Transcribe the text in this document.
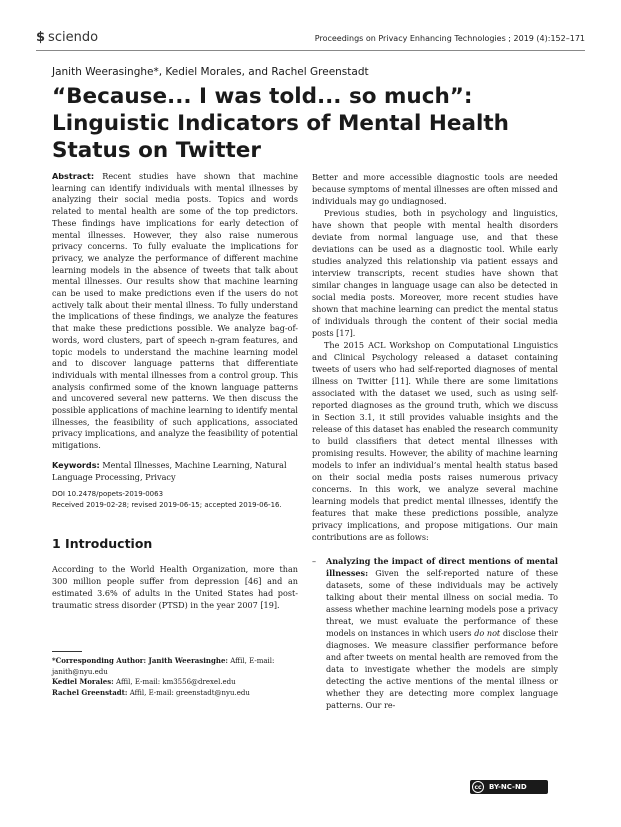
$ sciendo	Proceedings on Privacy Enhancing Technologies ; 2019 (4):152–171
Janith Weerasinghe*, Kediel Morales, and Rachel Greenstadt
“Because... I was told... so much”: Linguistic Indicators of Mental Health Status on Twitter

Abstract: Recent studies have shown that machine learning can identify individuals with mental illnesses by analyzing their social media posts. Topics and words related to mental health are some of the top predictors. These findings have implications for early detection of mental illnesses. However, they also raise numerous privacy concerns. To fully evaluate the implications for privacy, we analyze the performance of different machine learning models in the absence of tweets that talk about mental illnesses. Our results show that machine learning can be used to make predictions even if the users do not actively talk about their mental illness. To fully understand the implications of these findings, we analyze the features that make these predictions possible. We analyze bag-of-words, word clusters, part of speech n-gram features, and topic models to understand the machine learning model and to discover language patterns that differentiate individuals with mental illnesses from a control group. This analysis confirmed some of the known language patterns and uncovered several new patterns. We then discuss the possible applications of machine learning to identify mental illnesses, the feasibility of such applications, associated privacy implications, and analyze the feasibility of potential mitigations.

Keywords: Mental Illnesses, Machine Learning, Natural Language Processing, Privacy

DOI 10.2478/popets-2019-0063
Received 2019-02-28; revised 2019-06-15; accepted 2019-06-16.
1 Introduction

According to the World Health Organization, more than 300 million people suffer from depression [46] and an estimated 3.6% of adults in the United States had post-traumatic stress disorder (PTSD) in the year 2007 [19].

*Corresponding Author: Janith Weerasinghe: Affil, E-mail: janith@nyu.edu
Kediel Morales: Affil, E-mail: km3556@drexel.edu
Rachel Greenstadt: Affil, E-mail: greenstadt@nyu.edu

Better and more accessible diagnostic tools are needed because symptoms of mental illnesses are often missed and individuals may go undiagnosed.

Previous studies, both in psychology and linguistics, have shown that people with mental health disorders deviate from normal language use, and that these deviations can be used as a diagnostic tool. While early studies analyzed this relationship via patient essays and interview transcripts, recent studies have shown that similar changes in language usage can also be detected in social media posts. Moreover, more recent studies have shown that machine learning can predict the mental status of individuals through the content of their social media posts [17].

The 2015 ACL Workshop on Computational Linguistics and Clinical Psychology released a dataset containing tweets of users who had self-reported diagnoses of mental illness on Twitter [11]. While there are some limitations associated with the dataset we used, such as using self-reported diagnoses as the ground truth, which we discuss in Section 3.1, it still provides valuable insights and the release of this dataset has enabled the research community to build classifiers that detect mental illnesses with promising results. However, the ability of machine learning models to infer an individual’s mental health status based on their social media posts raises numerous privacy concerns. In this work, we analyze several machine learning models that predict mental illnesses, identify the features that make these predictions possible, analyze privacy implications, and propose mitigations. Our main contributions are as follows:

–	Analyzing the impact of direct mentions of mental illnesses: Given the self-reported nature of these datasets, some of these individuals may be actively talking about their mental illness on social media. To assess whether machine learning models pose a privacy threat, we must evaluate the performance of these models on instances in which users do not disclose their diagnoses. We measure classifier performance before and after tweets on mental health are removed from the data to investigate whether the models are simply detecting the active mentions of the mental illness or whether they are detecting more complex language patterns. Our re-

cc	BY-NC-ND
